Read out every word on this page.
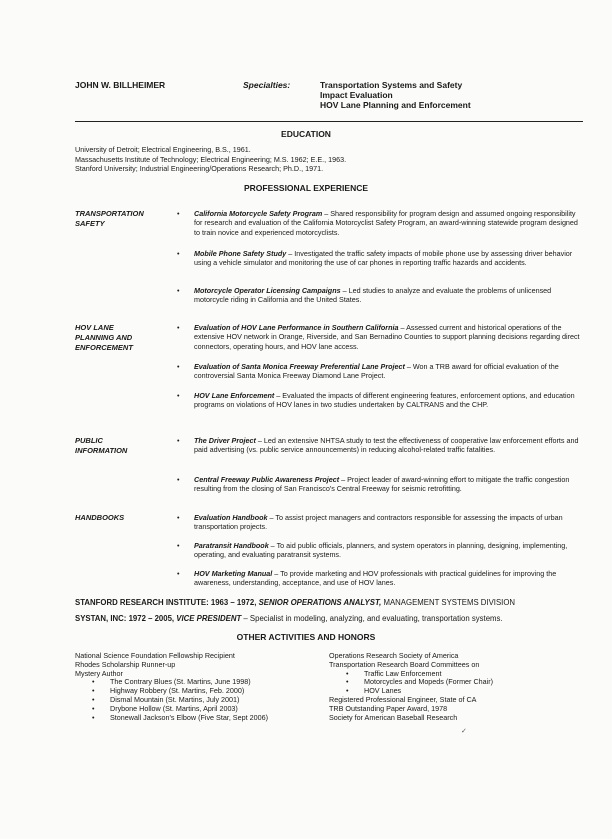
JOHN W. BILLHEIMER	Specialties:	Transportation Systems and Safety
Impact Evaluation
HOV Lane Planning and Enforcement
EDUCATION
University of Detroit; Electrical Engineering, B.S., 1961.
Massachusetts Institute of Technology; Electrical Engineering; M.S. 1962; E.E., 1963.
Stanford University; Industrial Engineering/Operations Research; Ph.D., 1971.
PROFESSIONAL EXPERIENCE
TRANSPORTATION
SAFETY
HOV LANE
PLANNING AND
ENFORCEMENT
PUBLIC
INFORMATION
HANDBOOKS
• California Motorcycle Safety Program – Shared responsibility for program design and assumed ongoing responsibility for research and evaluation of the California Motorcyclist Safety Program, an award-winning statewide program designed to train novice and experienced motorcyclists.
• Mobile Phone Safety Study – Investigated the traffic safety impacts of mobile phone use by assessing driver behavior using a vehicle simulator and monitoring the use of car phones in reporting traffic hazards and accidents.
• Motorcycle Operator Licensing Campaigns – Led studies to analyze and evaluate the problems of unlicensed motorcycle riding in California and the United States.
• Evaluation of HOV Lane Performance in Southern California – Assessed current and historical operations of the extensive HOV network in Orange, Riverside, and San Bernadino Counties to support planning decisions regarding direct connectors, operating hours, and HOV lane access.
• Evaluation of Santa Monica Freeway Preferential Lane Project – Won a TRB award for official evaluation of the controversial Santa Monica Freeway Diamond Lane Project.
• HOV Lane Enforcement – Evaluated the impacts of different engineering features, enforcement options, and education programs on violations of HOV lanes in two studies undertaken by CALTRANS and the CHP.
• The Driver Project – Led an extensive NHTSA study to test the effectiveness of cooperative law enforcement efforts and paid advertising (vs. public service announcements) in reducing alcohol-related traffic fatalities.
• Central Freeway Public Awareness Project – Project leader of award-winning effort to mitigate the traffic congestion resulting from the closing of San Francisco's Central Freeway for seismic retrofitting.
• Evaluation Handbook – To assist project managers and contractors responsible for assessing the impacts of urban transportation projects.
• Paratransit Handbook – To aid public officials, planners, and system operators in planning, designing, implementing, operating, and evaluating paratransit systems.
• HOV Marketing Manual – To provide marketing and HOV professionals with practical guidelines for improving the awareness, understanding, acceptance, and use of HOV lanes.
STANFORD RESEARCH INSTITUTE: 1963 – 1972, SENIOR OPERATIONS ANALYST, MANAGEMENT SYSTEMS DIVISION
SYSTAN, INC: 1972 – 2005, VICE PRESIDENT – Specialist in modeling, analyzing, and evaluating, transportation systems.
OTHER ACTIVITIES AND HONORS
National Science Foundation Fellowship Recipient
Rhodes Scholarship Runner-up
Mystery Author
• The Contrary Blues (St. Martins, June 1998)
• Highway Robbery (St. Martins, Feb. 2000)
• Dismal Mountain (St. Martins, July 2001)
• Drybone Hollow (St. Martins, April 2003)
• Stonewall Jackson's Elbow (Five Star, Sept 2006)
Operations Research Society of America
Transportation Research Board Committees on
• Traffic Law Enforcement
• Motorcycles and Mopeds (Former Chair)
• HOV Lanes
Registered Professional Engineer, State of CA
TRB Outstanding Paper Award, 1978
Society for American Baseball Research
✓
